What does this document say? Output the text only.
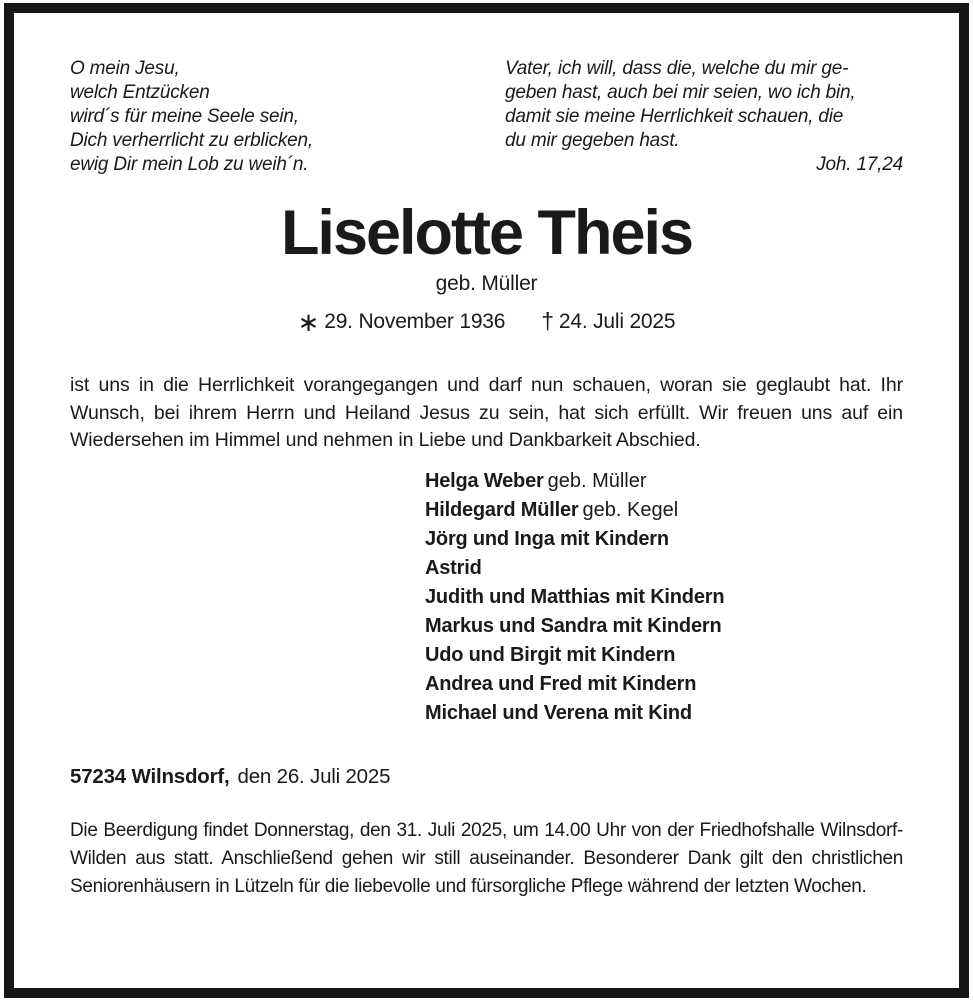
O mein Jesu,
welch Entzücken
wird´s für meine Seele sein,
Dich verherrlicht zu erblicken,
ewig Dir mein Lob zu weih´n.
Vater, ich will, dass die, welche du mir ge-
geben hast, auch bei mir seien, wo ich bin,
damit sie meine Herrlichkeit schauen, die
du mir gegeben hast.
Joh. 17,24
Liselotte Theis
geb. Müller
∗ 29. November 1936 † 24. Juli 2025

ist uns in die Herrlichkeit vorangegangen und darf nun schauen, woran sie geglaubt hat. Ihr Wunsch, bei ihrem Herrn und Heiland Jesus zu sein, hat sich erfüllt. Wir freuen uns auf ein Wiedersehen im Himmel und nehmen in Liebe und Dankbarkeit Abschied.

Helga Weber geb. Müller
Hildegard Müller geb. Kegel
Jörg und Inga mit Kindern
Astrid
Judith und Matthias mit Kindern
Markus und Sandra mit Kindern
Udo und Birgit mit Kindern
Andrea und Fred mit Kindern
Michael und Verena mit Kind
57234 Wilnsdorf, den 26. Juli 2025

Die Beerdigung findet Donnerstag, den 31. Juli 2025, um 14.00 Uhr von der Friedhofshalle Wilnsdorf-Wilden aus statt. Anschließend gehen wir still auseinander. Besonderer Dank gilt den christlichen Seniorenhäusern in Lützeln für die liebevolle und fürsorgliche Pflege während der letzten Wochen.
